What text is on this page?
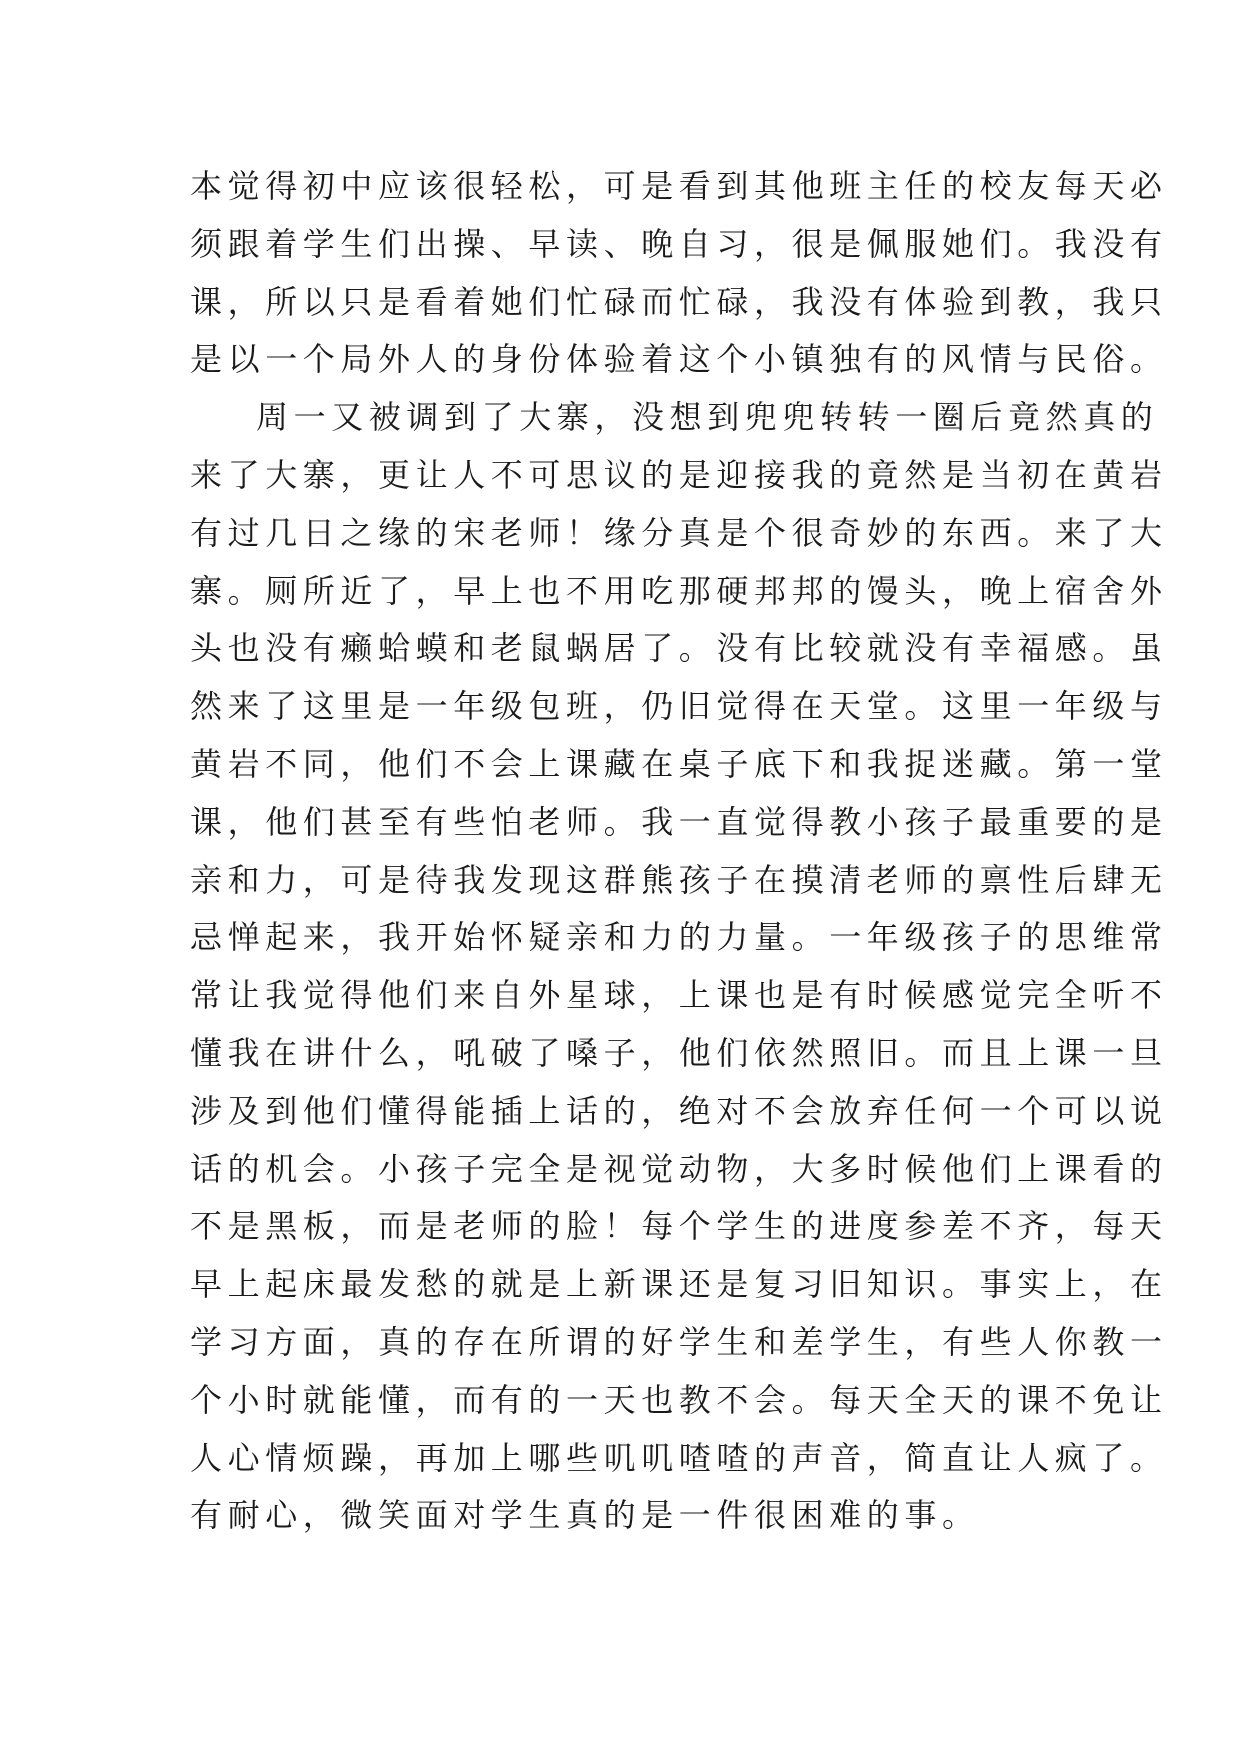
本觉得初中应该很轻松，可是看到其他班主任的校友每天必
须跟着学生们出操、早读、晚自习，很是佩服她们。我没有
课，所以只是看着她们忙碌而忙碌，我没有体验到教，我只
是以一个局外人的身份体验着这个小镇独有的风情与民俗。
周一又被调到了大寨，没想到兜兜转转一圈后竟然真的
来了大寨，更让人不可思议的是迎接我的竟然是当初在黄岩
有过几日之缘的宋老师！缘分真是个很奇妙的东西。来了大
寨。厕所近了，早上也不用吃那硬邦邦的馒头，晚上宿舍外
头也没有癞蛤蟆和老鼠蜗居了。没有比较就没有幸福感。虽
然来了这里是一年级包班，仍旧觉得在天堂。这里一年级与
黄岩不同，他们不会上课藏在桌子底下和我捉迷藏。第一堂
课，他们甚至有些怕老师。我一直觉得教小孩子最重要的是
亲和力，可是待我发现这群熊孩子在摸清老师的禀性后肆无
忌惮起来，我开始怀疑亲和力的力量。一年级孩子的思维常
常让我觉得他们来自外星球，上课也是有时候感觉完全听不
懂我在讲什么，吼破了嗓子，他们依然照旧。而且上课一旦
涉及到他们懂得能插上话的，绝对不会放弃任何一个可以说
话的机会。小孩子完全是视觉动物，大多时候他们上课看的
不是黑板，而是老师的脸！每个学生的进度参差不齐，每天
早上起床最发愁的就是上新课还是复习旧知识。事实上，在
学习方面，真的存在所谓的好学生和差学生，有些人你教一
个小时就能懂，而有的一天也教不会。每天全天的课不免让
人心情烦躁，再加上哪些叽叽喳喳的声音，简直让人疯了。
有耐心，微笑面对学生真的是一件很困难的事。
